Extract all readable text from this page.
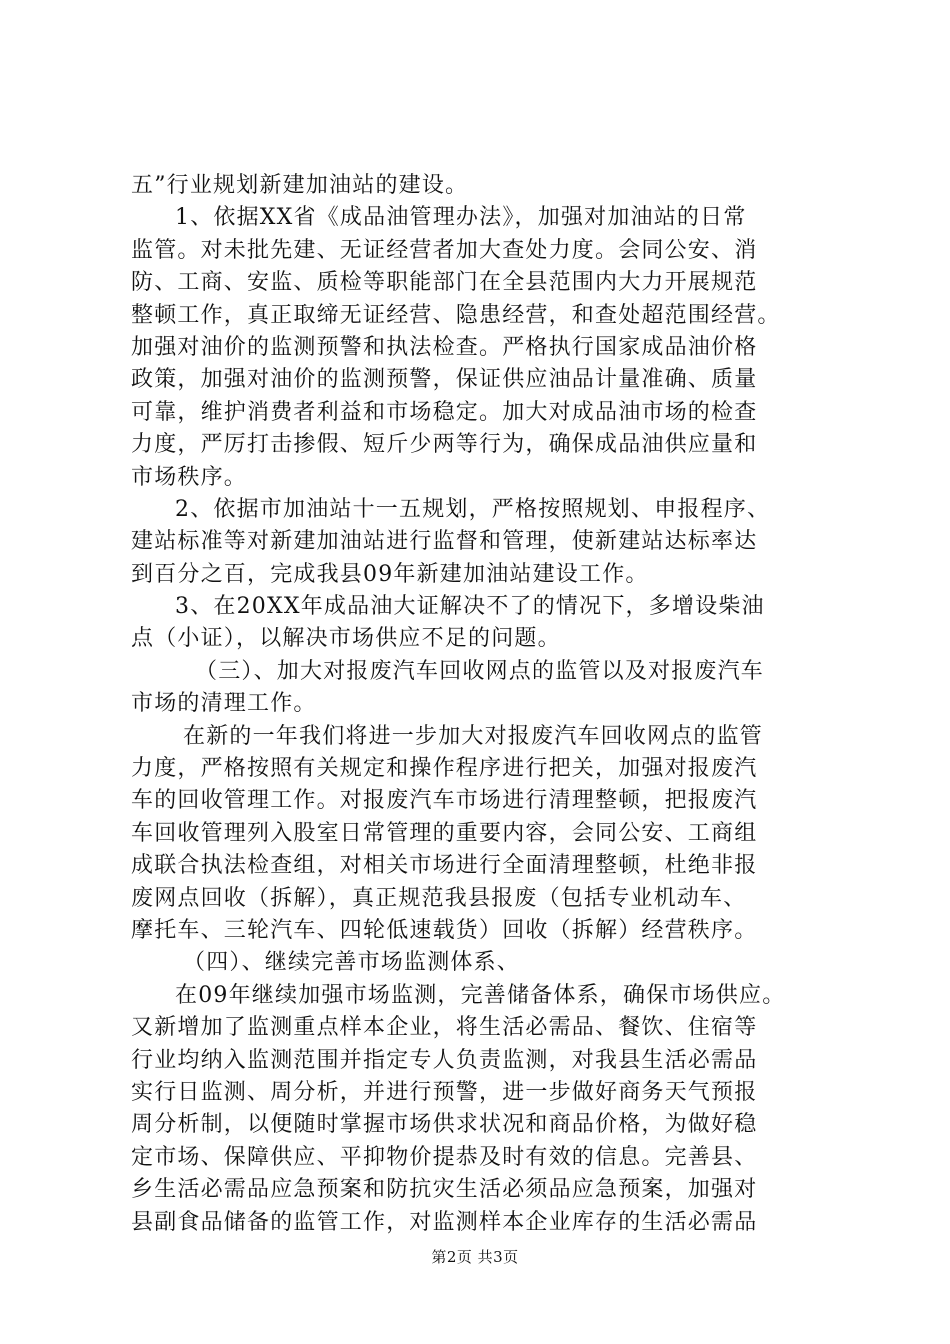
五”行业规划新建加油站的建设。
1、依据XX省《成品油管理办法》，加强对加油站的日常
监管。对未批先建、无证经营者加大查处力度。会同公安、消
防、工商、安监、质检等职能部门在全县范围内大力开展规范
整顿工作，真正取缔无证经营、隐患经营，和查处超范围经营。
加强对油价的监测预警和执法检查。严格执行国家成品油价格
政策，加强对油价的监测预警，保证供应油品计量准确、质量
可靠，维护消费者利益和市场稳定。加大对成品油市场的检查
力度，严厉打击掺假、短斤少两等行为，确保成品油供应量和
市场秩序。
2、依据市加油站十一五规划，严格按照规划、申报程序、
建站标准等对新建加油站进行监督和管理，使新建站达标率达
到百分之百，完成我县09年新建加油站建设工作。
3、在20XX年成品油大证解决不了的情况下，多增设柴油
点（小证），以解决市场供应不足的问题。
（三）、加大对报废汽车回收网点的监管以及对报废汽车
市场的清理工作。
在新的一年我们将进一步加大对报废汽车回收网点的监管
力度，严格按照有关规定和操作程序进行把关，加强对报废汽
车的回收管理工作。对报废汽车市场进行清理整顿，把报废汽
车回收管理列入股室日常管理的重要内容，会同公安、工商组
成联合执法检查组，对相关市场进行全面清理整顿，杜绝非报
废网点回收（拆解），真正规范我县报废（包括专业机动车、
摩托车、三轮汽车、四轮低速载货）回收（拆解）经营秩序。
（四）、继续完善市场监测体系、
在09年继续加强市场监测，完善储备体系，确保市场供应。
又新增加了监测重点样本企业，将生活必需品、餐饮、住宿等
行业均纳入监测范围并指定专人负责监测，对我县生活必需品
实行日监测、周分析，并进行预警，进一步做好商务天气预报
周分析制，以便随时掌握市场供求状况和商品价格，为做好稳
定市场、保障供应、平抑物价提恭及时有效的信息。完善县、
乡生活必需品应急预案和防抗灾生活必须品应急预案，加强对
县副食品储备的监管工作，对监测样本企业库存的生活必需品
第2页 共3页
